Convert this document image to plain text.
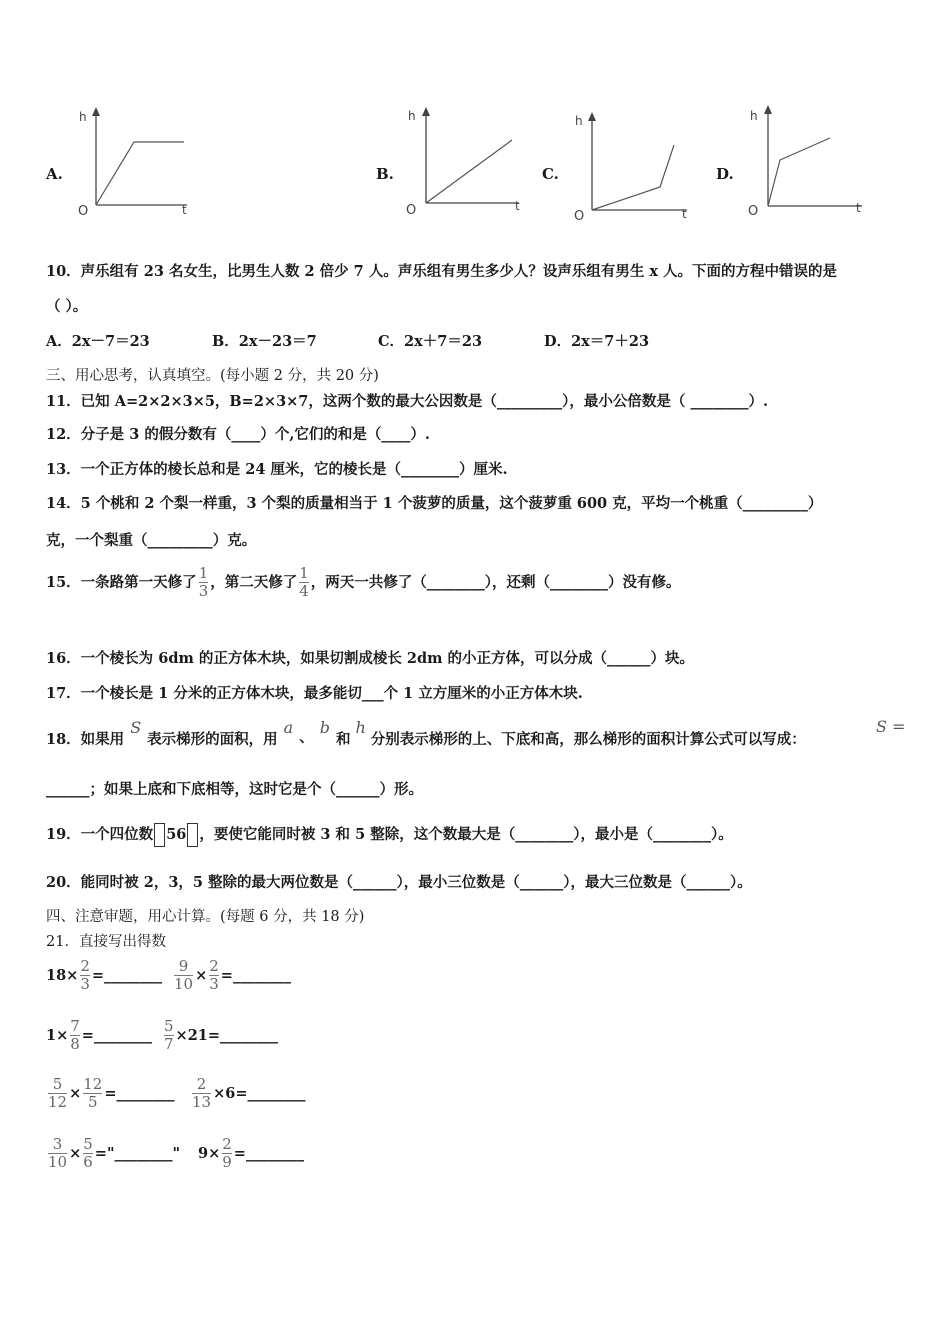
A.
h
t
O
B.
h
t
O
C.
h
t
O
D.
h
t
O
10．声乐组有 23 名女生，比男生人数 2 倍少 7 人。声乐组有男生多少人？设声乐组有男生 x 人。下面的方程中错误的是
（ ）。
A．2x－7＝23	B．2x－23＝7	C．2x＋7＝23	D．2x＝7＋23
三、用心思考，认真填空。(每小题 2 分，共 20 分)
11．已知 A=2×2×3×5，B=2×3×7，这两个数的最大公因数是（_________），最小公倍数是（ ________）.
12．分子是 3 的假分数有（____）个,它们的和是（____）.
13．一个正方体的棱长总和是 24 厘米，它的棱长是（________）厘米.
14．5 个桃和 2 个梨一样重，3 个梨的质量相当于 1 个菠萝的质量，这个菠萝重 600 克，平均一个桃重（_________）
克，一个梨重（_________）克。
15．一条路第一天修了 $\frac{1}{3}$ ，第二天修了 $\frac{1}{4}$ ，两天一共修了（________），还剩（________）没有修。
16．一个棱长为 6dm 的正方体木块，如果切割成棱长 2dm 的小正方体，可以分成（______）块。
17．一个棱长是 1 分米的正方体木块，最多能切___个 1 立方厘米的小正方体木块.
18．如果用
S
表示梯形的面积，用
a
、
b
和
h
分别表示梯形的上、下底和高，那么梯形的面积计算公式可以写成：
S =
______；如果上底和下底相等，这时它是个（______）形。
19．一个四位数 56 ，要使它能同时被 3 和 5 整除，这个数最大是（________），最小是（________）。
20．能同时被 2，3，5 整除的最大两位数是（______），最小三位数是（______），最大三位数是（______）。
四、注意审题，用心计算。(每题 6 分，共 18 分)
21．直接写出得数
$18\times \frac{2}{3}$ =________ $\frac{9}{10} \times \frac{2}{3}$ =________
$1\times \frac{7}{8}$ =________ $\frac{5}{7}$ ×21=________
$\frac{5}{12} \times \frac{12}{5}$ =________ $\frac{2}{13}$ ×6=________
$\frac{3}{10} \times \frac{5}{6}$ ="________" $9\times \frac{2}{9}$ =________
